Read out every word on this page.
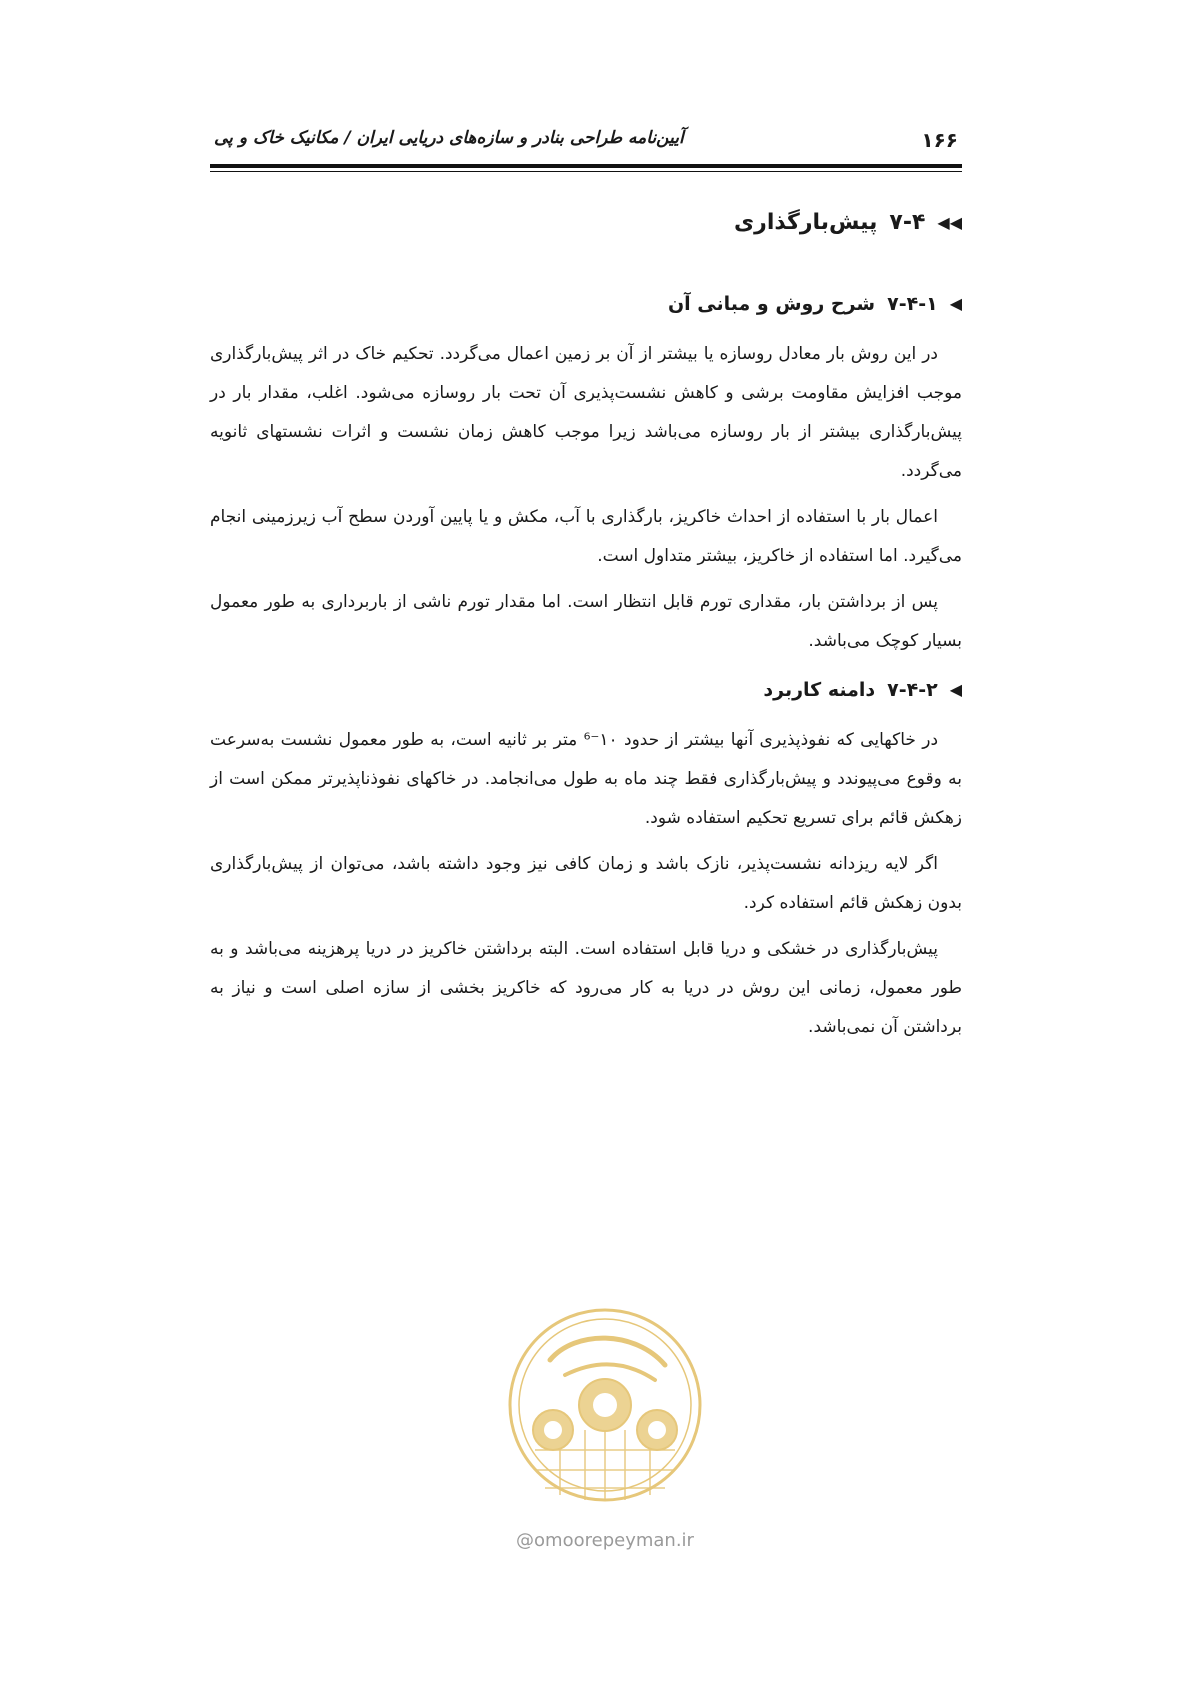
۱۶۶
آیین‌نامه طراحی بنادر و سازه‌های دریایی ایران / مکانیک خاک و پی
◀◀
۷-۴
پیش‌بارگذاری
◀
۷-۴-۱
شرح روش و مبانی آن

در این روش بار معادل روسازه یا بیشتر از آن بر زمین اعمال می‌گردد. تحکیم خاک در اثر پیش‌بارگذاری موجب افزایش مقاومت برشی و کاهش نشست‌پذیری آن تحت بار روسازه می‌شود. اغلب، مقدار بار در پیش‌بارگذاری بیشتر از بار روسازه می‌باشد زیرا موجب کاهش زمان نشست و اثرات نشستهای ثانویه می‌گردد.

اعمال بار با استفاده از احداث خاکریز، بارگذاری با آب، مکش و یا پایین آوردن سطح آب زیرزمینی انجام می‌گیرد. اما استفاده از خاکریز، بیشتر متداول است.

پس از برداشتن بار، مقداری تورم قابل انتظار است. اما مقدار تورم ناشی از باربرداری به طور معمول بسیار کوچک می‌باشد.

◀
۷-۴-۲
دامنه کاربرد

در خاکهایی که نفوذپذیری آنها بیشتر از حدود ۱۰⁻⁶ متر بر ثانیه است، به طور معمول نشست به‌سرعت به وقوع می‌پیوندد و پیش‌بارگذاری فقط چند ماه به طول می‌انجامد. در خاکهای نفوذناپذیرتر ممکن است از زهکش قائم برای تسریع تحکیم استفاده شود.

اگر لایه ریزدانه نشست‌پذیر، نازک باشد و زمان کافی نیز وجود داشته باشد، می‌توان از پیش‌بارگذاری بدون زهکش قائم استفاده کرد.

پیش‌بارگذاری در خشکی و دریا قابل استفاده است. البته برداشتن خاکریز در دریا پرهزینه می‌باشد و به طور معمول، زمانی این روش در دریا به کار می‌رود که خاکریز بخشی از سازه اصلی است و نیاز به برداشتن آن نمی‌باشد.

@omoorepeyman.ir
